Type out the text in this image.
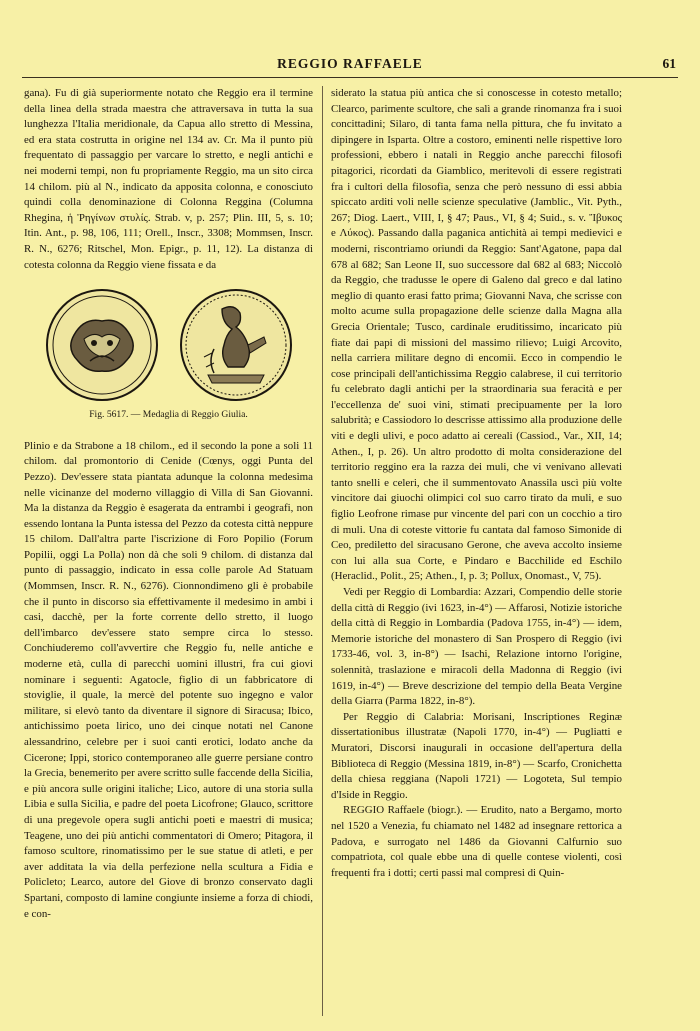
REGGIO RAFFAELE	61

gana). Fu di già superiormente notato che Reggio era il termine della linea della strada maestra che attraversava in tutta la sua lunghezza l'Italia meridionale, da Capua allo stretto di Messina, ed era stata costrutta in origine nel 134 av. Cr. Ma il punto più frequentato di passaggio per varcare lo stretto, e negli antichi e nei moderni tempi, non fu propriamente Reggio, ma un sito circa 14 chilom. più al N., indicato da apposita colonna, e conosciuto quindi colla denominazione di Colonna Reggina (Columna Rhegina, ἡ Ῥηγίνων στυλίς. Strab. v, p. 257; Plin. III, 5, s. 10; Itin. Ant., p. 98, 106, 111; Orell., Inscr., 3308; Mommsen, Inscr. R. N., 6276; Ritschel, Mon. Epigr., p. 11, 12). La distanza di cotesta colonna da Reggio viene fissata e da

Fig. 5617. — Medaglia di Reggio Giulia.

Plinio e da Strabone a 18 chilom., ed il secondo la pone a soli 11 chilom. dal promontorio di Cenide (Cœnys, oggi Punta del Pezzo). Dev'essere stata piantata adunque la colonna medesima nelle vicinanze del moderno villaggio di Villa di San Giovanni. Ma la distanza da Reggio è esagerata da entrambi i geografi, non essendo lontana la Punta istessa del Pezzo da cotesta città neppure 15 chilom. Dall'altra parte l'iscrizione di Foro Popilio (Forum Popilii, oggi La Polla) non dà che soli 9 chilom. di distanza dal punto di passaggio, indicato in essa colle parole Ad Statuam (Mommsen, Inscr. R. N., 6276). Cionnondimeno gli è probabile che il punto in discorso sia effettivamente il medesimo in ambi i casi, dacchè, per la forte corrente dello stretto, il luogo dell'imbarco dev'essere stato sempre circa lo stesso. Conchiuderemo coll'avvertire che Reggio fu, nelle antiche e moderne età, culla di parecchi uomini illustri, fra cui giovi nominare i seguenti: Agatocle, figlio di un fabbricatore di stoviglie, il quale, la mercè del potente suo ingegno e valor militare, si elevò tanto da diventare il signore di Siracusa; Ibico, antichissimo poeta lirico, uno dei cinque notati nel Canone alessandrino, celebre per i suoi canti erotici, lodato anche da Cicerone; Ippi, storico contemporaneo alle guerre persiane contro la Grecia, benemerito per avere scritto sulle faccende della Sicilia, e più ancora sulle origini italiche; Lico, autore di una storia sulla Libia e sulla Sicilia, e padre del poeta Licofrone; Glauco, scrittore di una pregevole opera sugli antichi poeti e maestri di musica; Teagene, uno dei più antichi commentatori di Omero; Pitagora, il famoso scultore, rinomatissimo per le sue statue di atleti, e per aver additata la via della perfezione nella scultura a Fidia e Policleto; Learco, autore del Giove di bronzo conservato dagli Spartani, composto di lamine congiunte insieme a forza di chiodi, e con-

siderato la statua più antica che si conoscesse in cotesto metallo; Clearco, parimente scultore, che salì a grande rinomanza fra i suoi concittadini; Silaro, di tanta fama nella pittura, che fu invitato a dipingere in Isparta. Oltre a costoro, eminenti nelle rispettive loro professioni, ebbero i natali in Reggio anche parecchi filosofi pitagorici, ricordati da Giamblico, meritevoli di essere registrati fra i cultori della filosofia, senza che però nessuno di essi abbia spiccato arditi voli nelle scienze speculative (Jamblic., Vit. Pyth., 267; Diog. Laert., VIII, I, § 47; Paus., VI, § 4; Suid., s. v. Ἴβυκος e Λύκος). Passando dalla paganica antichità ai tempi medievici e moderni, riscontriamo oriundi da Reggio: Sant'Agatone, papa dal 678 al 682; San Leone II, suo successore dal 682 al 683; Niccolò da Reggio, che tradusse le opere di Galeno dal greco e dal latino meglio di quanto erasi fatto prima; Giovanni Nava, che scrisse con molto acume sulla propagazione delle scienze dalla Magna alla Grecia Orientale; Tusco, cardinale eruditissimo, incaricato più fiate dai papi di missioni del massimo rilievo; Luigi Arcovito, nella carriera militare degno di encomii. Ecco in compendio le cose principali dell'antichissima Reggio calabrese, il cui territorio fu celebrato dagli antichi per la straordinaria sua feracità e per l'eccellenza de' suoi vini, stimati precipuamente per la loro salubrità; e Cassiodoro lo descrisse attissimo alla produzione delle viti e degli ulivi, e poco adatto ai cereali (Cassiod., Var., XII, 14; Athen., I, p. 26). Un altro prodotto di molta considerazione del territorio reggino era la razza dei muli, che vi venivano allevati tanto snelli e celeri, che il summentovato Anassila uscì più volte vincitore dai giuochi olimpici col suo carro tirato da muli, e suo figlio Leofrone rimase pur vincente del pari con un cocchio a tiro di muli. Una di coteste vittorie fu cantata dal famoso Simonide di Ceo, prediletto del siracusano Gerone, che aveva accolto insieme con lui alla sua Corte, e Pindaro e Bacchilide ed Eschilo (Heraclid., Polit., 25; Athen., I, p. 3; Pollux, Onomast., V, 75).

Vedi per Reggio di Lombardia: Azzari, Compendio delle storie della città di Reggio (ivi 1623, in-4°) — Affarosi, Notizie istoriche della città di Reggio in Lombardia (Padova 1755, in-4°) — idem, Memorie istoriche del monastero di San Prospero di Reggio (ivi 1733-46, vol. 3, in-8°) — Isachi, Relazione intorno l'origine, solennità, traslazione e miracoli della Madonna di Reggio (ivi 1619, in-4°) — Breve descrizione del tempio della Beata Vergine della Giarra (Parma 1822, in-8°).

Per Reggio di Calabria: Morisani, Inscriptiones Reginæ dissertationibus illustratæ (Napoli 1770, in-4°) — Pugliatti e Muratori, Discorsi inaugurali in occasione dell'apertura della Biblioteca di Reggio (Messina 1819, in-8°) — Scarfo, Cronichetta della chiesa reggiana (Napoli 1721) — Logoteta, Sul tempio d'Iside in Reggio.

REGGIO Raffaele (biogr.). — Erudito, nato a Bergamo, morto nel 1520 a Venezia, fu chiamato nel 1482 ad insegnare rettorica a Padova, e surrogato nel 1486 da Giovanni Calfurnio suo compatriota, col quale ebbe una di quelle contese violenti, così frequenti fra i dotti; certi passi mal compresi di Quin-
